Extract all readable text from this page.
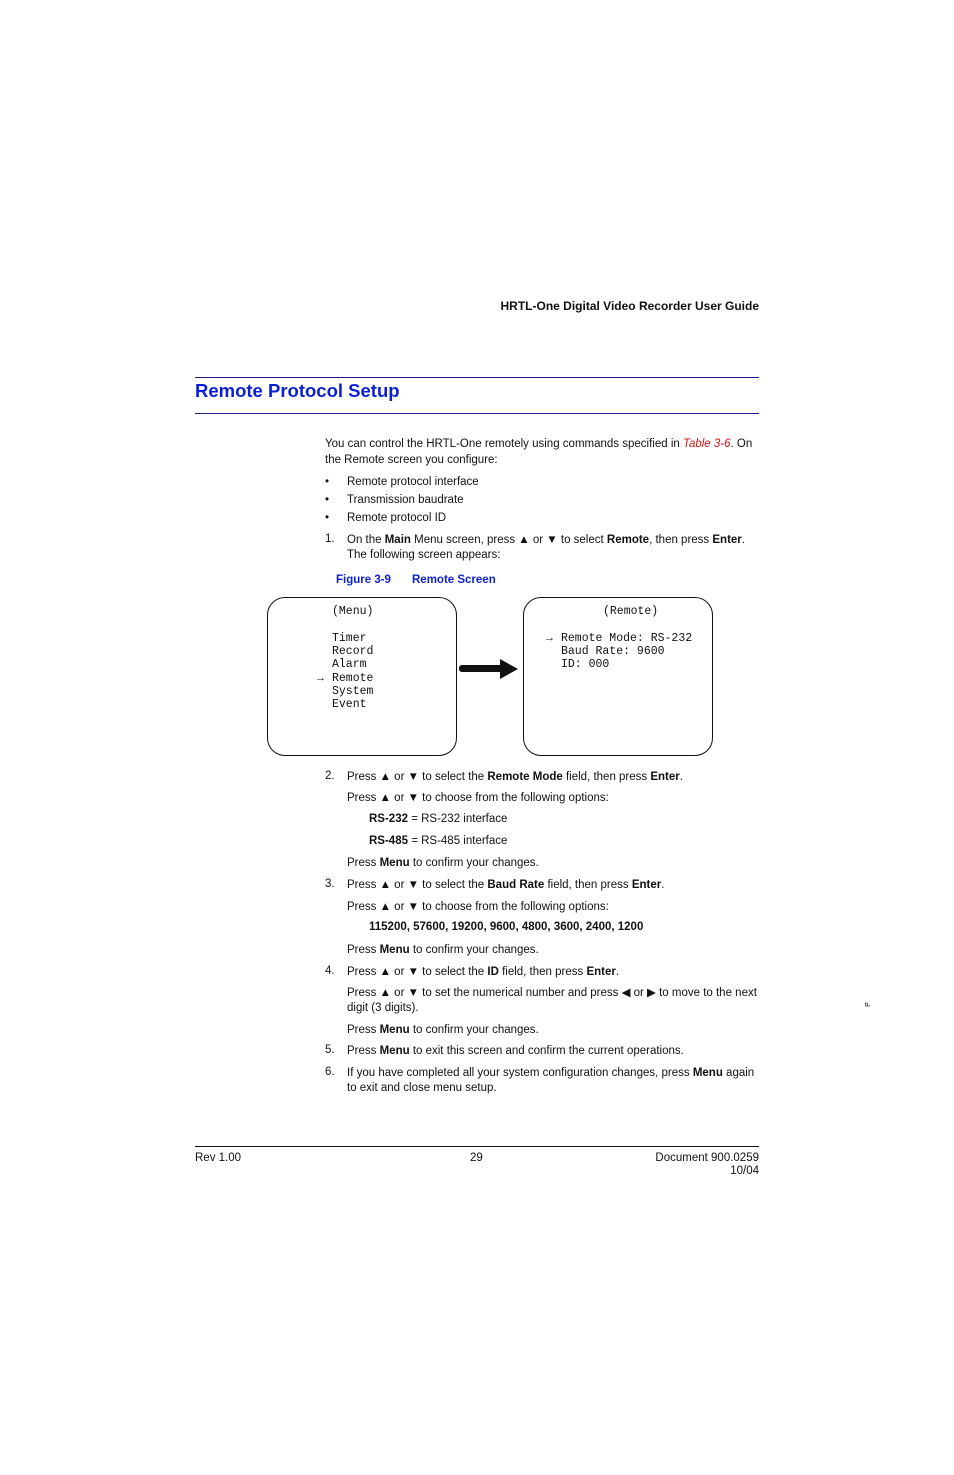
HRTL-One Digital Video Recorder User Guide
Remote Protocol Setup
You can control the HRTL-One remotely using commands specified in Table 3-6. On the Remote screen you configure:
•	Remote protocol interface
•	Transmission baudrate
•	Remote protocol ID
1. On the Main Menu screen, press ▲ or ▼ to select Remote, then press Enter. The following screen appears:
Figure 3-9 Remote Screen
(Menu)
Timer
Record
Alarm
→ Remote
System
Event
(Remote)
→ Remote Mode: RS-232
Baud Rate: 9600
ID: 000
2. Press ▲ or ▼ to select the Remote Mode field, then press Enter.
Press ▲ or ▼ to choose from the following options:
RS-232 = RS-232 interface
RS-485 = RS-485 interface
Press Menu to confirm your changes.
3. Press ▲ or ▼ to select the Baud Rate field, then press Enter.
Press ▲ or ▼ to choose from the following options:
115200, 57600, 19200, 9600, 4800, 3600, 2400, 1200
Press Menu to confirm your changes.
4. Press ▲ or ▼ to select the ID field, then press Enter.
Press ▲ or ▼ to set the numerical number and press ◀ or ▶ to move to the next digit (3 digits).
Press Menu to confirm your changes.
5. Press Menu to exit this screen and confirm the current operations.
6. If you have completed all your system configuration changes, press Menu again to exit and close menu setup.
P
Rev 1.00	29	Document 900.0259
10/04
